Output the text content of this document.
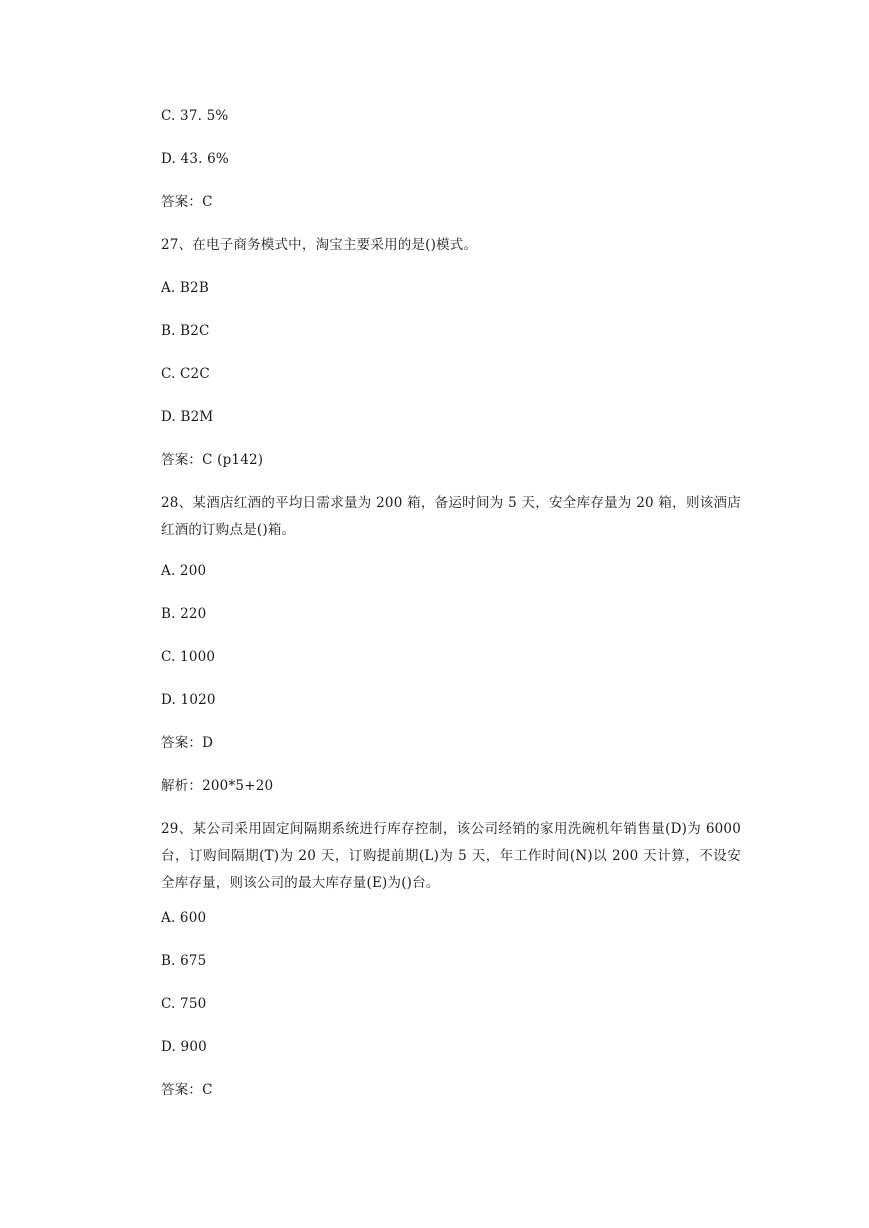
C. 37. 5%
D. 43. 6%
答案：C
27、在电子商务模式中，淘宝主要采用的是()模式。
A. B2B
B. B2C
C. C2C
D. B2M
答案：C (p142)
28、某酒店红酒的平均日需求量为 200 箱，备运时间为 5 天，安全库存量为 20 箱，则该酒店红酒的订购点是()箱。
A. 200
B. 220
C. 1000
D. 1020
答案：D
解析：200*5+20
29、某公司采用固定间隔期系统进行库存控制，该公司经销的家用洗碗机年销售量(D)为 6000 台，订购间隔期(T)为 20 天，订购提前期(L)为 5 天，年工作时间(N)以 200 天计算，不设安全库存量，则该公司的最大库存量(E)为()台。
A. 600
B. 675
C. 750
D. 900
答案：C
